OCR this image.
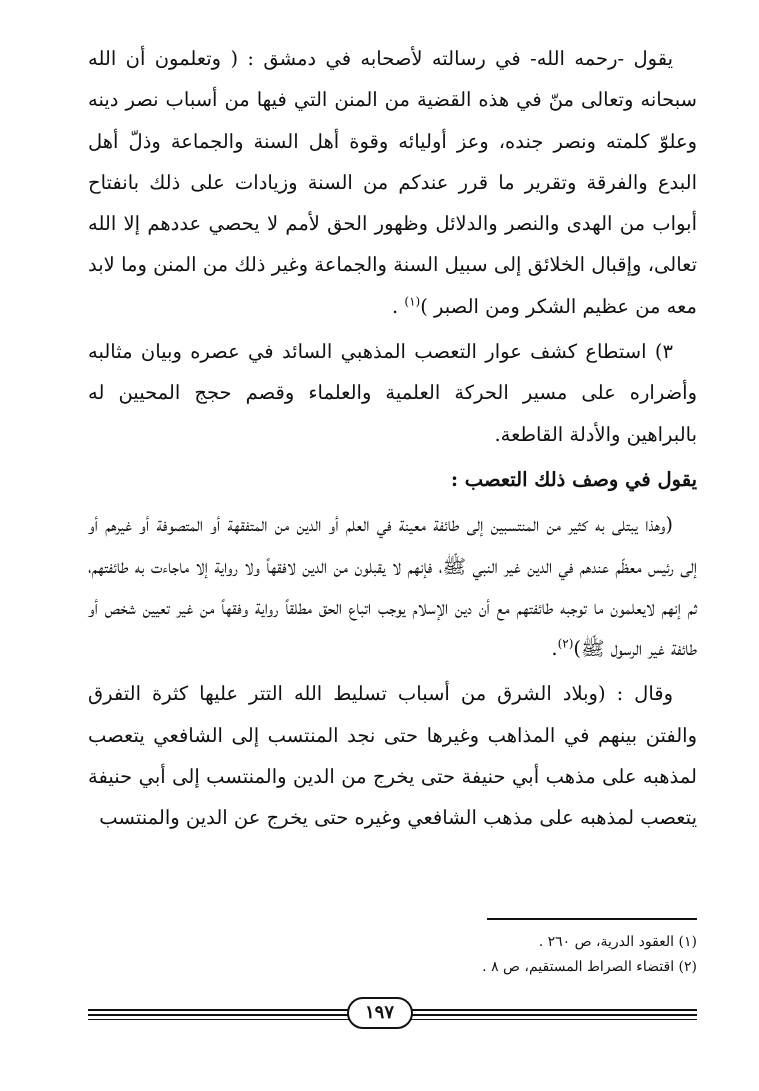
يقول -رحمه الله- في رسالته لأصحابه في دمشق : ( وتعلمون أن الله سبحانه وتعالى منّ في هذه القضية من المنن التي فيها من أسباب نصر دينه وعلوّ كلمته ونصر جنده، وعز أوليائه وقوة أهل السنة والجماعة وذلّ أهل البدع والفرقة وتقرير ما قرر عندكم من السنة وزيادات على ذلك بانفتاح أبواب من الهدى والنصر والدلائل وظهور الحق لأمم لا يحصي عددهم إلا الله تعالى، وإقبال الخلائق إلى سبيل السنة والجماعة وغير ذلك من المنن وما لابد معه من عظيم الشكر ومن الصبر )$^{(١)}$ .

٣) استطاع كشف عوار التعصب المذهبي السائد في عصره وبيان مثالبه وأضراره على مسير الحركة العلمية والعلماء وقصم حجج المحيين له بالبراهين والأدلة القاطعة.

يقول في وصف ذلك التعصب :

(وهذا يبتلى به كثير من المنتسبين إلى طائفة معينة في العلم أو الدين من المتفقهة أو المتصوفة أو غيرهم أو إلى رئيس معظّم عندهم في الدين غير النبي ﷺ، فإنهم لا يقبلون من الدين لافقهاً ولا رواية إلا ماجاءت به طائفتهم، ثم إنهم لايعلمون ما توجبه طائفتهم مع أن دين الإسلام يوجب اتباع الحق مطلقاً رواية وفقهاً من غير تعيين شخص أو طائفة غير الرسول ﷺ)$^{(٢)}$.

وقال : (وبلاد الشرق من أسباب تسليط الله التتر عليها كثرة التفرق والفتن بينهم في المذاهب وغيرها حتى نجد المنتسب إلى الشافعي يتعصب لمذهبه على مذهب أبي حنيفة حتى يخرج من الدين والمنتسب إلى أبي حنيفة يتعصب لمذهبه على مذهب الشافعي وغيره حتى يخرج عن الدين والمنتسب

(١) العقود الدرية، ص ٢٦٠ .
(٢) اقتضاء الصراط المستقيم، ص ٨ .
١٩٧
